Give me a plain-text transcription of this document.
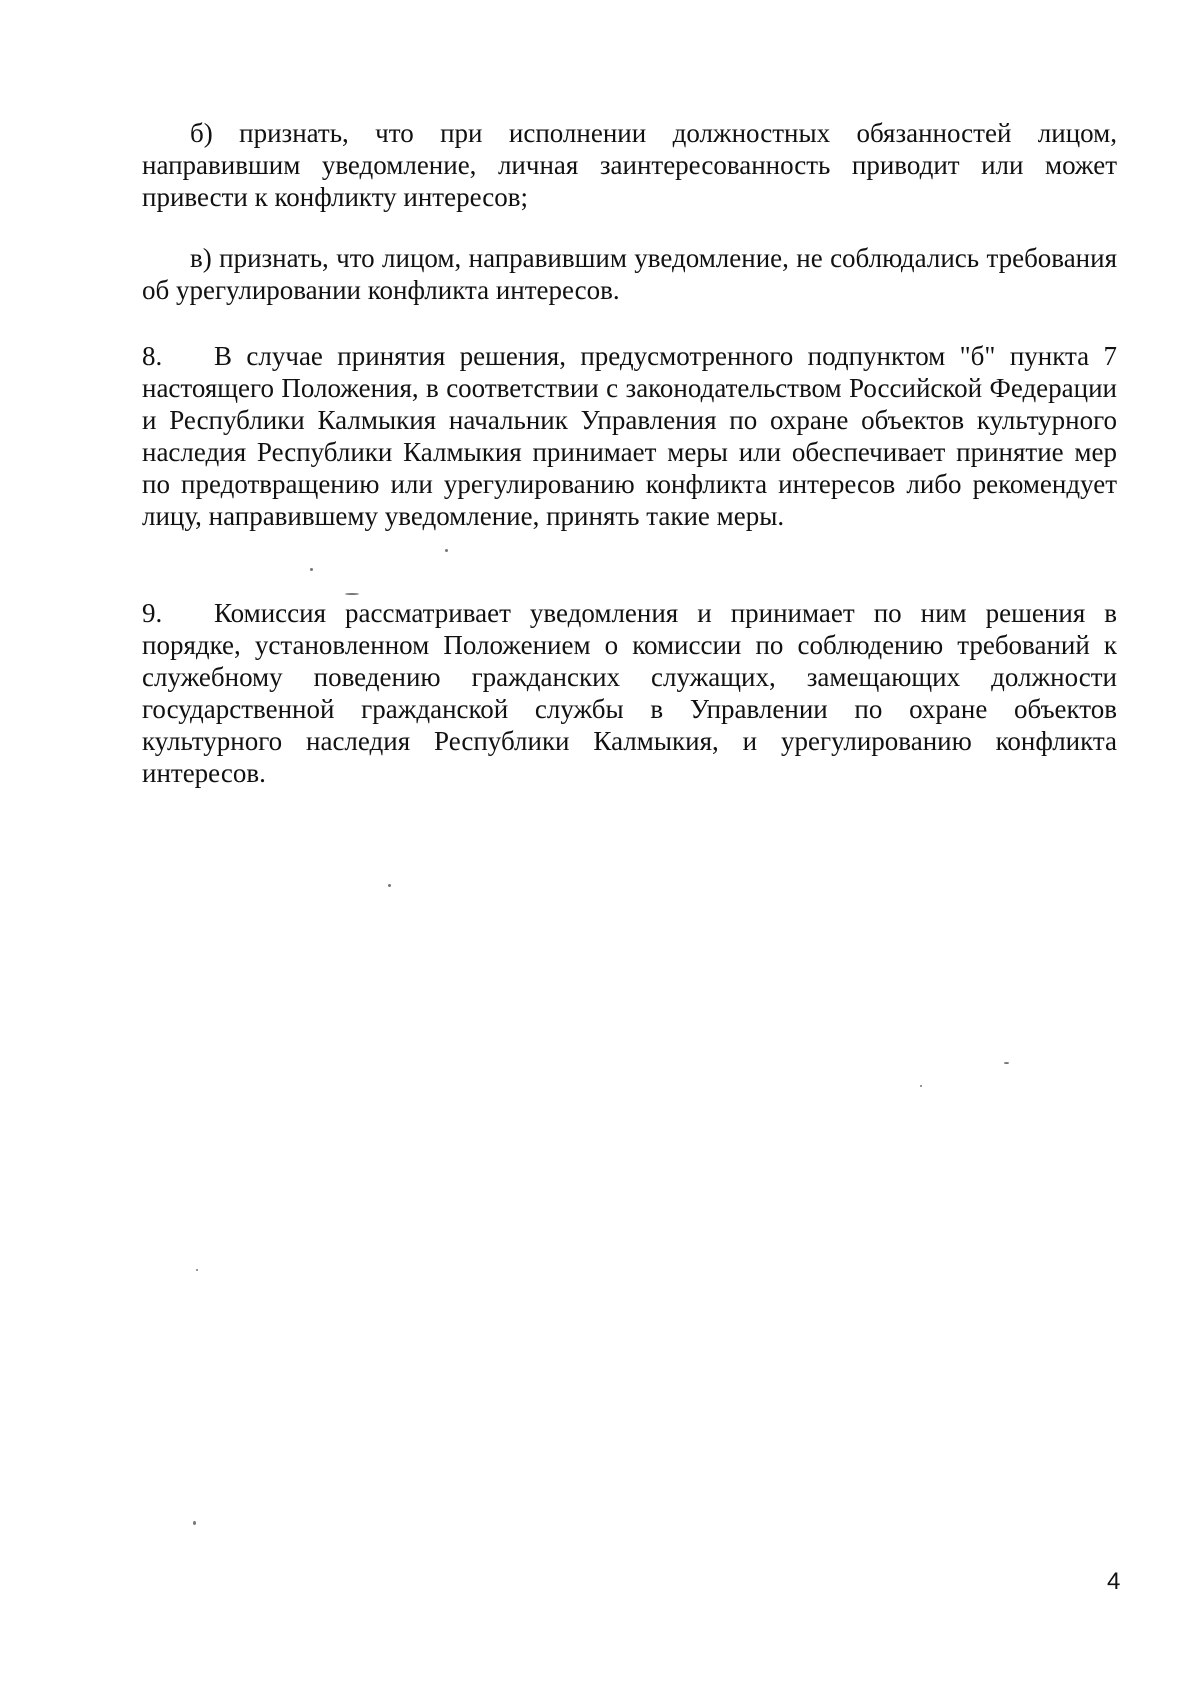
б) признать, что при исполнении должностных обязанностей лицом, направившим уведомление, личная заинтересованность приводит или может привести к конфликту интересов;

в) признать, что лицом, направившим уведомление, не соблюдались требования об урегулировании конфликта интересов.

8. В случае принятия решения, предусмотренного подпунктом "б" пункта 7 настоящего Положения, в соответствии с законодательством Российской Федерации и Республики Калмыкия начальник Управления по охране объектов культурного наследия Республики Калмыкия принимает меры или обеспечивает принятие мер по предотвращению или урегулированию конфликта интересов либо рекомендует лицу, направившему уведомление, принять такие меры.

9. Комиссия рассматривает уведомления и принимает по ним решения в порядке, установленном Положением о комиссии по соблюдению требований к служебному поведению гражданских служащих, замещающих должности государственной гражданской службы в Управлении по охране объектов культурного наследия Республики Калмыкия, и урегулированию конфликта интересов.

4
